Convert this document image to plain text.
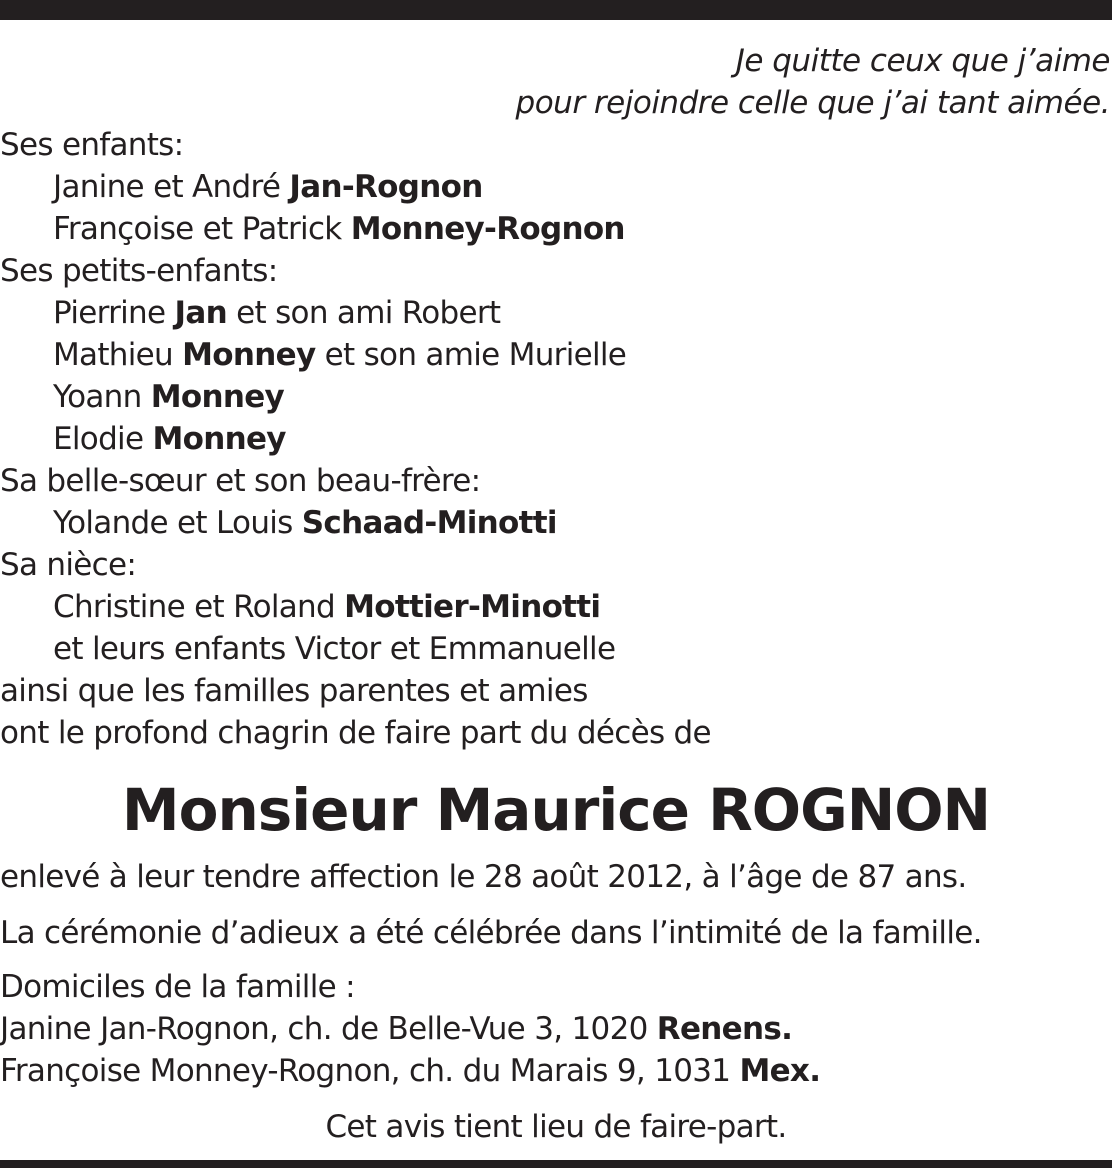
Je quitte ceux que j’aime
pour rejoindre celle que j’ai tant aimée.
Ses enfants:
Janine et André Jan-Rognon
Françoise et Patrick Monney-Rognon
Ses petits-enfants:
Pierrine Jan et son ami Robert
Mathieu Monney et son amie Murielle
Yoann Monney
Elodie Monney
Sa belle-sœur et son beau-frère:
Yolande et Louis Schaad-Minotti
Sa nièce:
Christine et Roland Mottier-Minotti
et leurs enfants Victor et Emmanuelle
ainsi que les familles parentes et amies
ont le profond chagrin de faire part du décès de
Monsieur Maurice ROGNON
enlevé à leur tendre affection le 28 août 2012, à l’âge de 87 ans.
La cérémonie d’adieux a été célébrée dans l’intimité de la famille.
Domiciles de la famille :
Janine Jan-Rognon, ch. de Belle-Vue 3, 1020 Renens.
Françoise Monney-Rognon, ch. du Marais 9, 1031 Mex.
Cet avis tient lieu de faire-part.
